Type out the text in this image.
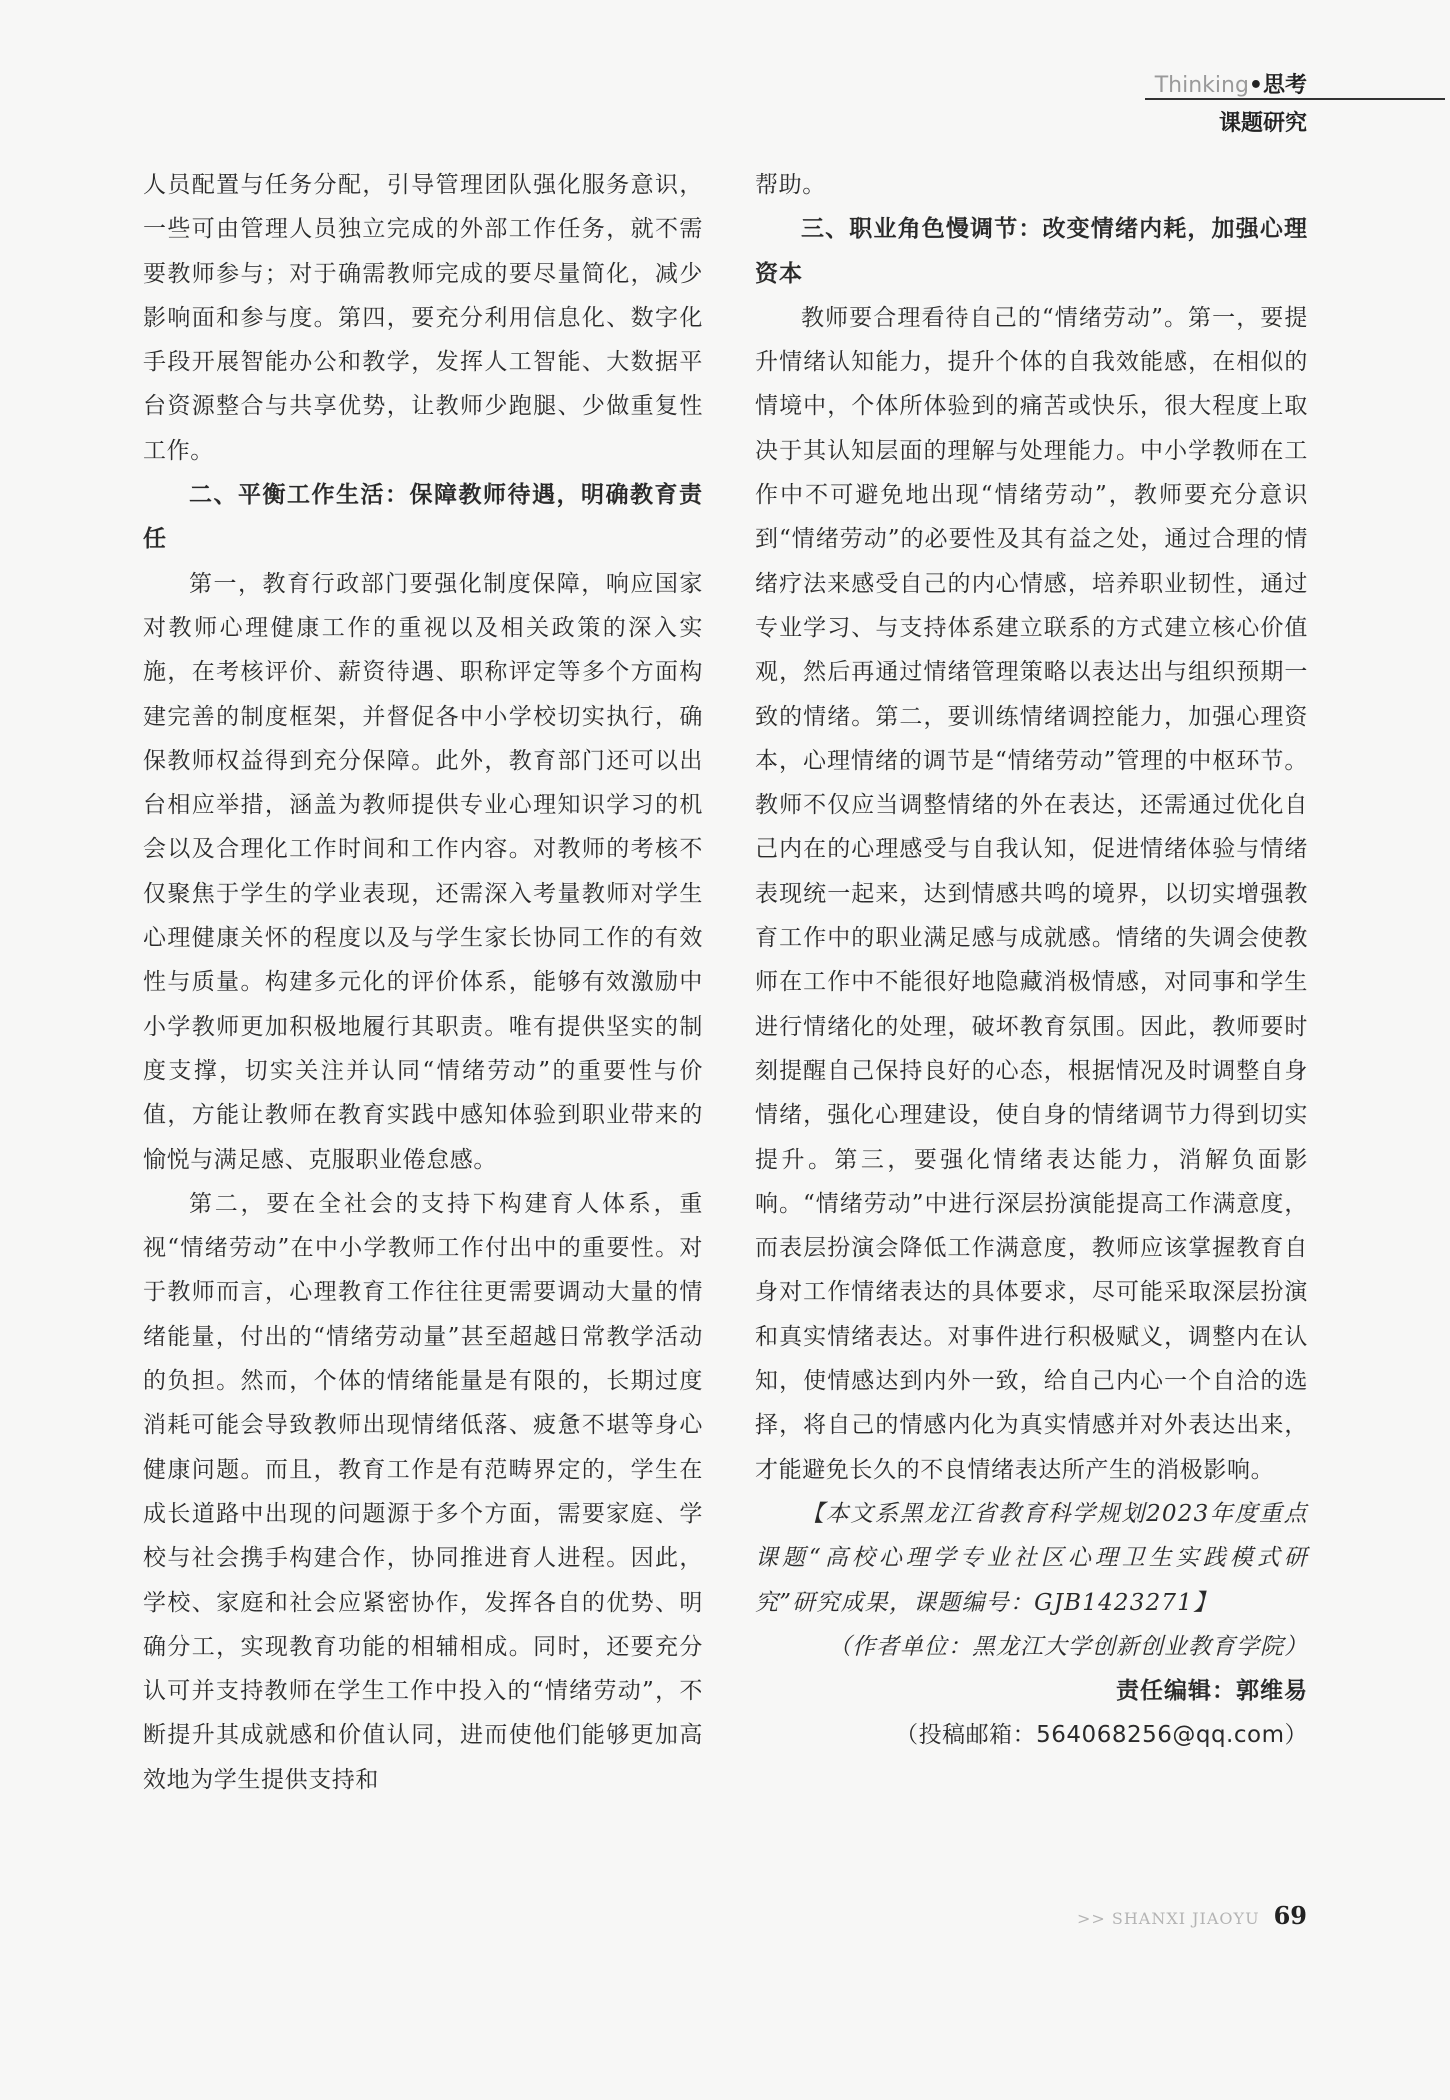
Thinking•思考
课题研究

人员配置与任务分配，引导管理团队强化服务意识，一些可由管理人员独立完成的外部工作任务，就不需要教师参与；对于确需教师完成的要尽量简化，减少影响面和参与度。第四，要充分利用信息化、数字化手段开展智能办公和教学，发挥人工智能、大数据平台资源整合与共享优势，让教师少跑腿、少做重复性工作。

二、平衡工作生活：保障教师待遇，明确教育责任

第一，教育行政部门要强化制度保障，响应国家对教师心理健康工作的重视以及相关政策的深入实施，在考核评价、薪资待遇、职称评定等多个方面构建完善的制度框架，并督促各中小学校切实执行，确保教师权益得到充分保障。此外，教育部门还可以出台相应举措，涵盖为教师提供专业心理知识学习的机会以及合理化工作时间和工作内容。对教师的考核不仅聚焦于学生的学业表现，还需深入考量教师对学生心理健康关怀的程度以及与学生家长协同工作的有效性与质量。构建多元化的评价体系，能够有效激励中小学教师更加积极地履行其职责。唯有提供坚实的制度支撑，切实关注并认同“情绪劳动”的重要性与价值，方能让教师在教育实践中感知体验到职业带来的愉悦与满足感、克服职业倦怠感。

第二，要在全社会的支持下构建育人体系，重视“情绪劳动”在中小学教师工作付出中的重要性。对于教师而言，心理教育工作往往更需要调动大量的情绪能量，付出的“情绪劳动量”甚至超越日常教学活动的负担。然而，个体的情绪能量是有限的，长期过度消耗可能会导致教师出现情绪低落、疲惫不堪等身心健康问题。而且，教育工作是有范畴界定的，学生在成长道路中出现的问题源于多个方面，需要家庭、学校与社会携手构建合作，协同推进育人进程。因此，学校、家庭和社会应紧密协作，发挥各自的优势、明确分工，实现教育功能的相辅相成。同时，还要充分认可并支持教师在学生工作中投入的“情绪劳动”，不断提升其成就感和价值认同，进而使他们能够更加高效地为学生提供支持和

帮助。

三、职业角色慢调节：改变情绪内耗，加强心理资本

教师要合理看待自己的“情绪劳动”。第一，要提升情绪认知能力，提升个体的自我效能感，在相似的情境中，个体所体验到的痛苦或快乐，很大程度上取决于其认知层面的理解与处理能力。中小学教师在工作中不可避免地出现“情绪劳动”，教师要充分意识到“情绪劳动”的必要性及其有益之处，通过合理的情绪疗法来感受自己的内心情感，培养职业韧性，通过专业学习、与支持体系建立联系的方式建立核心价值观，然后再通过情绪管理策略以表达出与组织预期一致的情绪。第二，要训练情绪调控能力，加强心理资本，心理情绪的调节是“情绪劳动”管理的中枢环节。教师不仅应当调整情绪的外在表达，还需通过优化自己内在的心理感受与自我认知，促进情绪体验与情绪表现统一起来，达到情感共鸣的境界，以切实增强教育工作中的职业满足感与成就感。情绪的失调会使教师在工作中不能很好地隐藏消极情感，对同事和学生进行情绪化的处理，破坏教育氛围。因此，教师要时刻提醒自己保持良好的心态，根据情况及时调整自身情绪，强化心理建设，使自身的情绪调节力得到切实提升。第三，要强化情绪表达能力，消解负面影响。“情绪劳动”中进行深层扮演能提高工作满意度，而表层扮演会降低工作满意度，教师应该掌握教育自身对工作情绪表达的具体要求，尽可能采取深层扮演和真实情绪表达。对事件进行积极赋义，调整内在认知，使情感达到内外一致，给自己内心一个自洽的选择，将自己的情感内化为真实情感并对外表达出来，才能避免长久的不良情绪表达所产生的消极影响。

【本文系黑龙江省教育科学规划2023年度重点课题“高校心理学专业社区心理卫生实践模式研究”研究成果，课题编号：GJB1423271】

（作者单位：黑龙江大学创新创业教育学院）
责任编辑：郭维易
（投稿邮箱：564068256@qq.com）
>> SHANXI JIAOYU 69
